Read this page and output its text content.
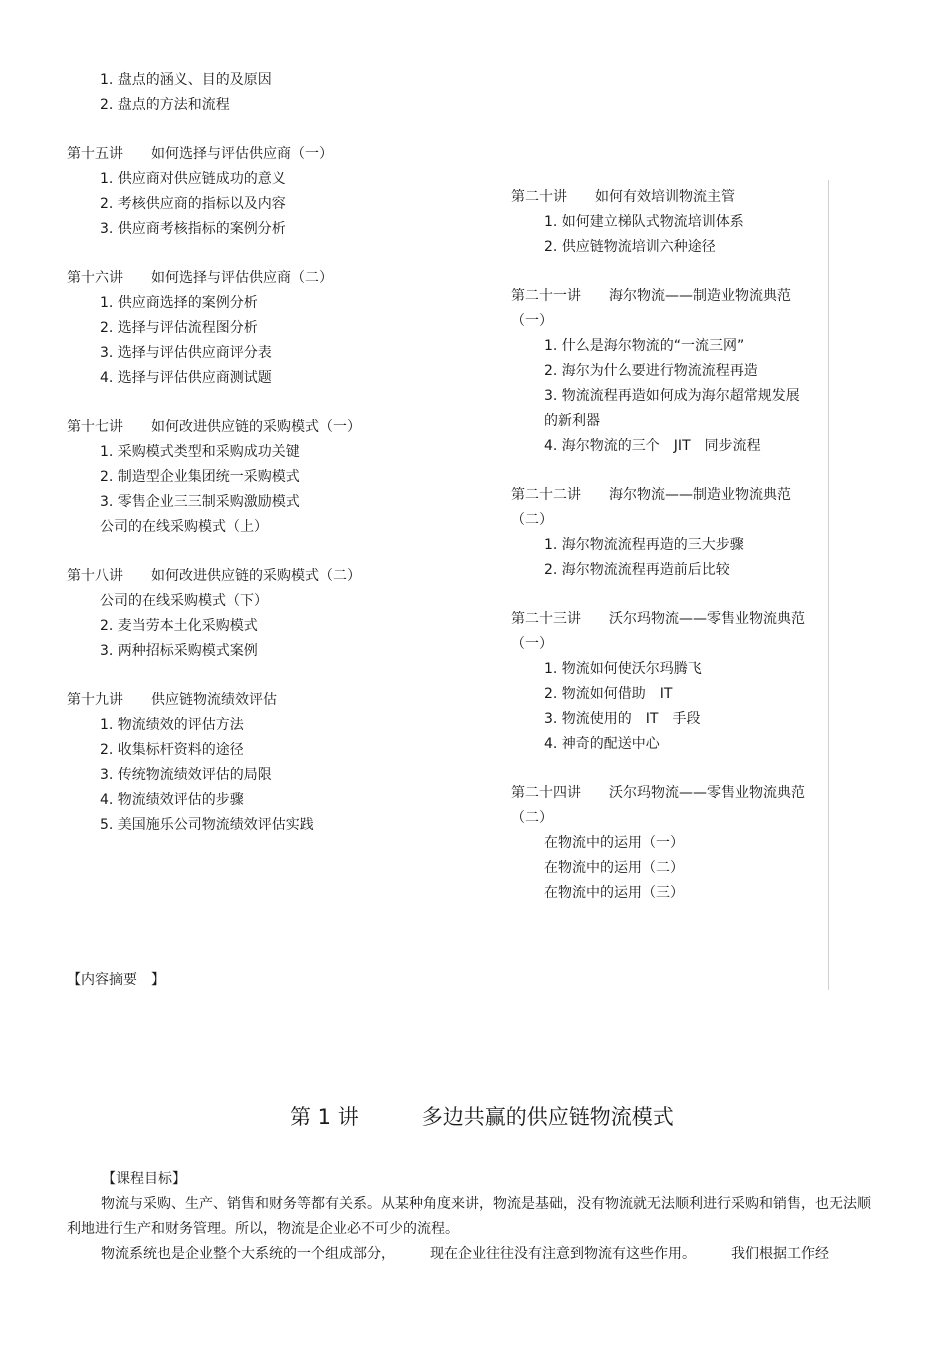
1. 盘点的涵义、目的及原因
2. 盘点的方法和流程
第十五讲　　如何选择与评估供应商（一）
1. 供应商对供应链成功的意义
2. 考核供应商的指标以及内容
3. 供应商考核指标的案例分析
第十六讲　　如何选择与评估供应商（二）
1. 供应商选择的案例分析
2. 选择与评估流程图分析
3. 选择与评估供应商评分表
4. 选择与评估供应商测试题
第十七讲　　如何改进供应链的采购模式（一）
1. 采购模式类型和采购成功关键
2. 制造型企业集团统一采购模式
3. 零售企业三三制采购激励模式
公司的在线采购模式（上）
第十八讲　　如何改进供应链的采购模式（二）
公司的在线采购模式（下）
2. 麦当劳本土化采购模式
3. 两种招标采购模式案例
第十九讲　　供应链物流绩效评估
1. 物流绩效的评估方法
2. 收集标杆资料的途径
3. 传统物流绩效评估的局限
4. 物流绩效评估的步骤
5. 美国施乐公司物流绩效评估实践
第二十讲　　如何有效培训物流主管
1. 如何建立梯队式物流培训体系
2. 供应链物流培训六种途径
第二十一讲　　海尔物流——制造业物流典范（一）
1. 什么是海尔物流的“一流三网”
2. 海尔为什么要进行物流流程再造
3. 物流流程再造如何成为海尔超常规发展的新利器
4. 海尔物流的三个　JIT　同步流程
第二十二讲　　海尔物流——制造业物流典范（二）
1. 海尔物流流程再造的三大步骤
2. 海尔物流流程再造前后比较
第二十三讲　　沃尔玛物流——零售业物流典范（一）
1. 物流如何使沃尔玛腾飞
2. 物流如何借助　IT
3. 物流使用的　IT　手段
4. 神奇的配送中心
第二十四讲　　沃尔玛物流——零售业物流典范（二）
在物流中的运用（一）
在物流中的运用（二）
在物流中的运用（三）
【内容摘要　】
第 1 讲　　　多边共赢的供应链物流模式
【课程目标】

物流与采购、生产、销售和财务等都有关系。从某种角度来讲，物流是基础，没有物流就无法顺利进行采购和销售，也无法顺利地进行生产和财务管理。所以，物流是企业必不可少的流程。

物流系统也是企业整个大系统的一个组成部分，　　　现在企业往往没有注意到物流有这些作用。　　　我们根据工作经
